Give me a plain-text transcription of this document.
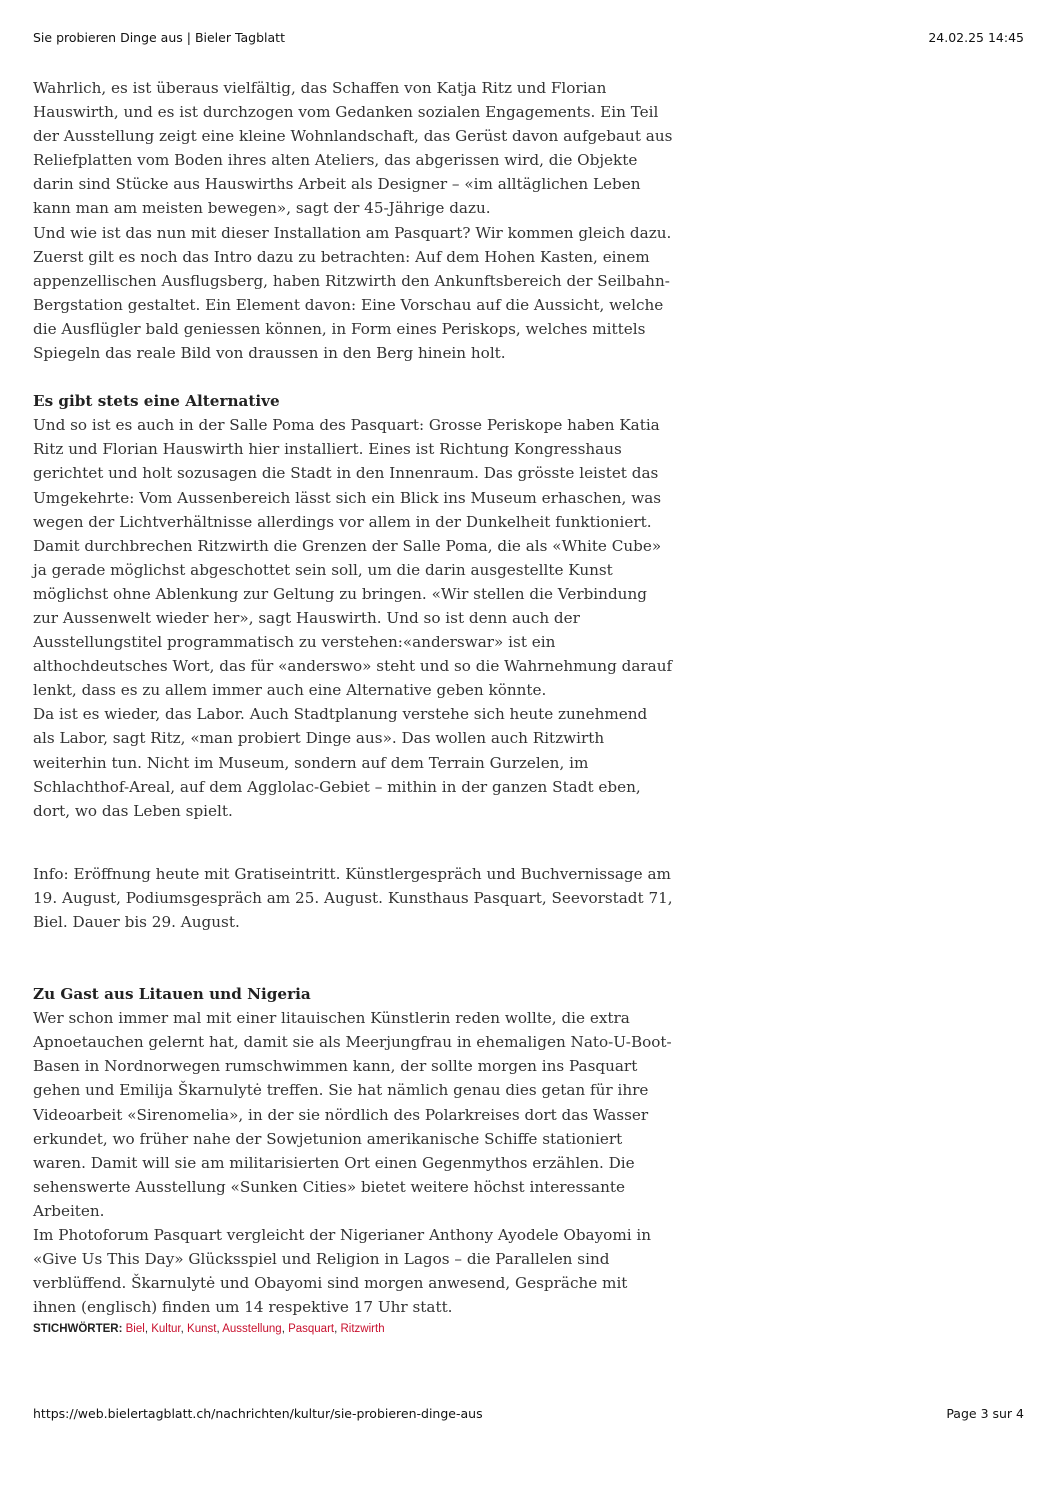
Sie probieren Dinge aus | Bieler Tagblatt	24.02.25 14:45

Wahrlich, es ist überaus vielfältig, das Schaffen von Katja Ritz und Florian Hauswirth, und es ist durchzogen vom Gedanken sozialen Engagements. Ein Teil der Ausstellung zeigt eine kleine Wohnlandschaft, das Gerüst davon aufgebaut aus Reliefplatten vom Boden ihres alten Ateliers, das abgerissen wird, die Objekte darin sind Stücke aus Hauswirths Arbeit als Designer – «im alltäglichen Leben kann man am meisten bewegen», sagt der 45-Jährige dazu.

Und wie ist das nun mit dieser Installation am Pasquart? Wir kommen gleich dazu. Zuerst gilt es noch das Intro dazu zu betrachten: Auf dem Hohen Kasten, einem appenzellischen Ausflugsberg, haben Ritzwirth den Ankunftsbereich der Seilbahn-Bergstation gestaltet. Ein Element davon: Eine Vorschau auf die Aussicht, welche die Ausflügler bald geniessen können, in Form eines Periskops, welches mittels Spiegeln das reale Bild von draussen in den Berg hinein holt.

Es gibt stets eine Alternative

Und so ist es auch in der Salle Poma des Pasquart: Grosse Periskope haben Katia Ritz und Florian Hauswirth hier installiert. Eines ist Richtung Kongresshaus gerichtet und holt sozusagen die Stadt in den Innenraum. Das grösste leistet das Umgekehrte: Vom Aussenbereich lässt sich ein Blick ins Museum erhaschen, was wegen der Lichtverhältnisse allerdings vor allem in der Dunkelheit funktioniert. Damit durchbrechen Ritzwirth die Grenzen der Salle Poma, die als «White Cube» ja gerade möglichst abgeschottet sein soll, um die darin ausgestellte Kunst möglichst ohne Ablenkung zur Geltung zu bringen. «Wir stellen die Verbindung zur Aussenwelt wieder her», sagt Hauswirth. Und so ist denn auch der Ausstellungstitel programmatisch zu verstehen:«anderswar» ist ein althochdeutsches Wort, das für «anderswo» steht und so die Wahrnehmung darauf lenkt, dass es zu allem immer auch eine Alternative geben könnte.

Da ist es wieder, das Labor. Auch Stadtplanung verstehe sich heute zunehmend als Labor, sagt Ritz, «man probiert Dinge aus». Das wollen auch Ritzwirth weiterhin tun. Nicht im Museum, sondern auf dem Terrain Gurzelen, im Schlachthof-Areal, auf dem Agglolac-Gebiet – mithin in der ganzen Stadt eben, dort, wo das Leben spielt.

Info: Eröffnung heute mit Gratiseintritt. Künstlergespräch und Buchvernissage am 19. August, Podiumsgespräch am 25. August. Kunsthaus Pasquart, Seevorstadt 71, Biel. Dauer bis 29. August.

Zu Gast aus Litauen und Nigeria

Wer schon immer mal mit einer litauischen Künstlerin reden wollte, die extra Apnoetauchen gelernt hat, damit sie als Meerjungfrau in ehemaligen Nato-U-Boot-Basen in Nordnorwegen rumschwimmen kann, der sollte morgen ins Pasquart gehen und Emilija Škarnulytė treffen. Sie hat nämlich genau dies getan für ihre Videoarbeit «Sirenomelia», in der sie nördlich des Polarkreises dort das Wasser erkundet, wo früher nahe der Sowjetunion amerikanische Schiffe stationiert waren. Damit will sie am militarisierten Ort einen Gegenmythos erzählen. Die sehenswerte Ausstellung «Sunken Cities» bietet weitere höchst interessante Arbeiten.

Im Photoforum Pasquart vergleicht der Nigerianer Anthony Ayodele Obayomi in «Give Us This Day» Glücksspiel und Religion in Lagos – die Parallelen sind verblüffend. Škarnulytė und Obayomi sind morgen anwesend, Gespräche mit ihnen (englisch) finden um 14 respektive 17 Uhr statt.

STICHWÖRTER: Biel, Kultur, Kunst, Ausstellung, Pasquart, Ritzwirth
https://web.bielertagblatt.ch/nachrichten/kultur/sie-probieren-dinge-aus	Page 3 sur 4
